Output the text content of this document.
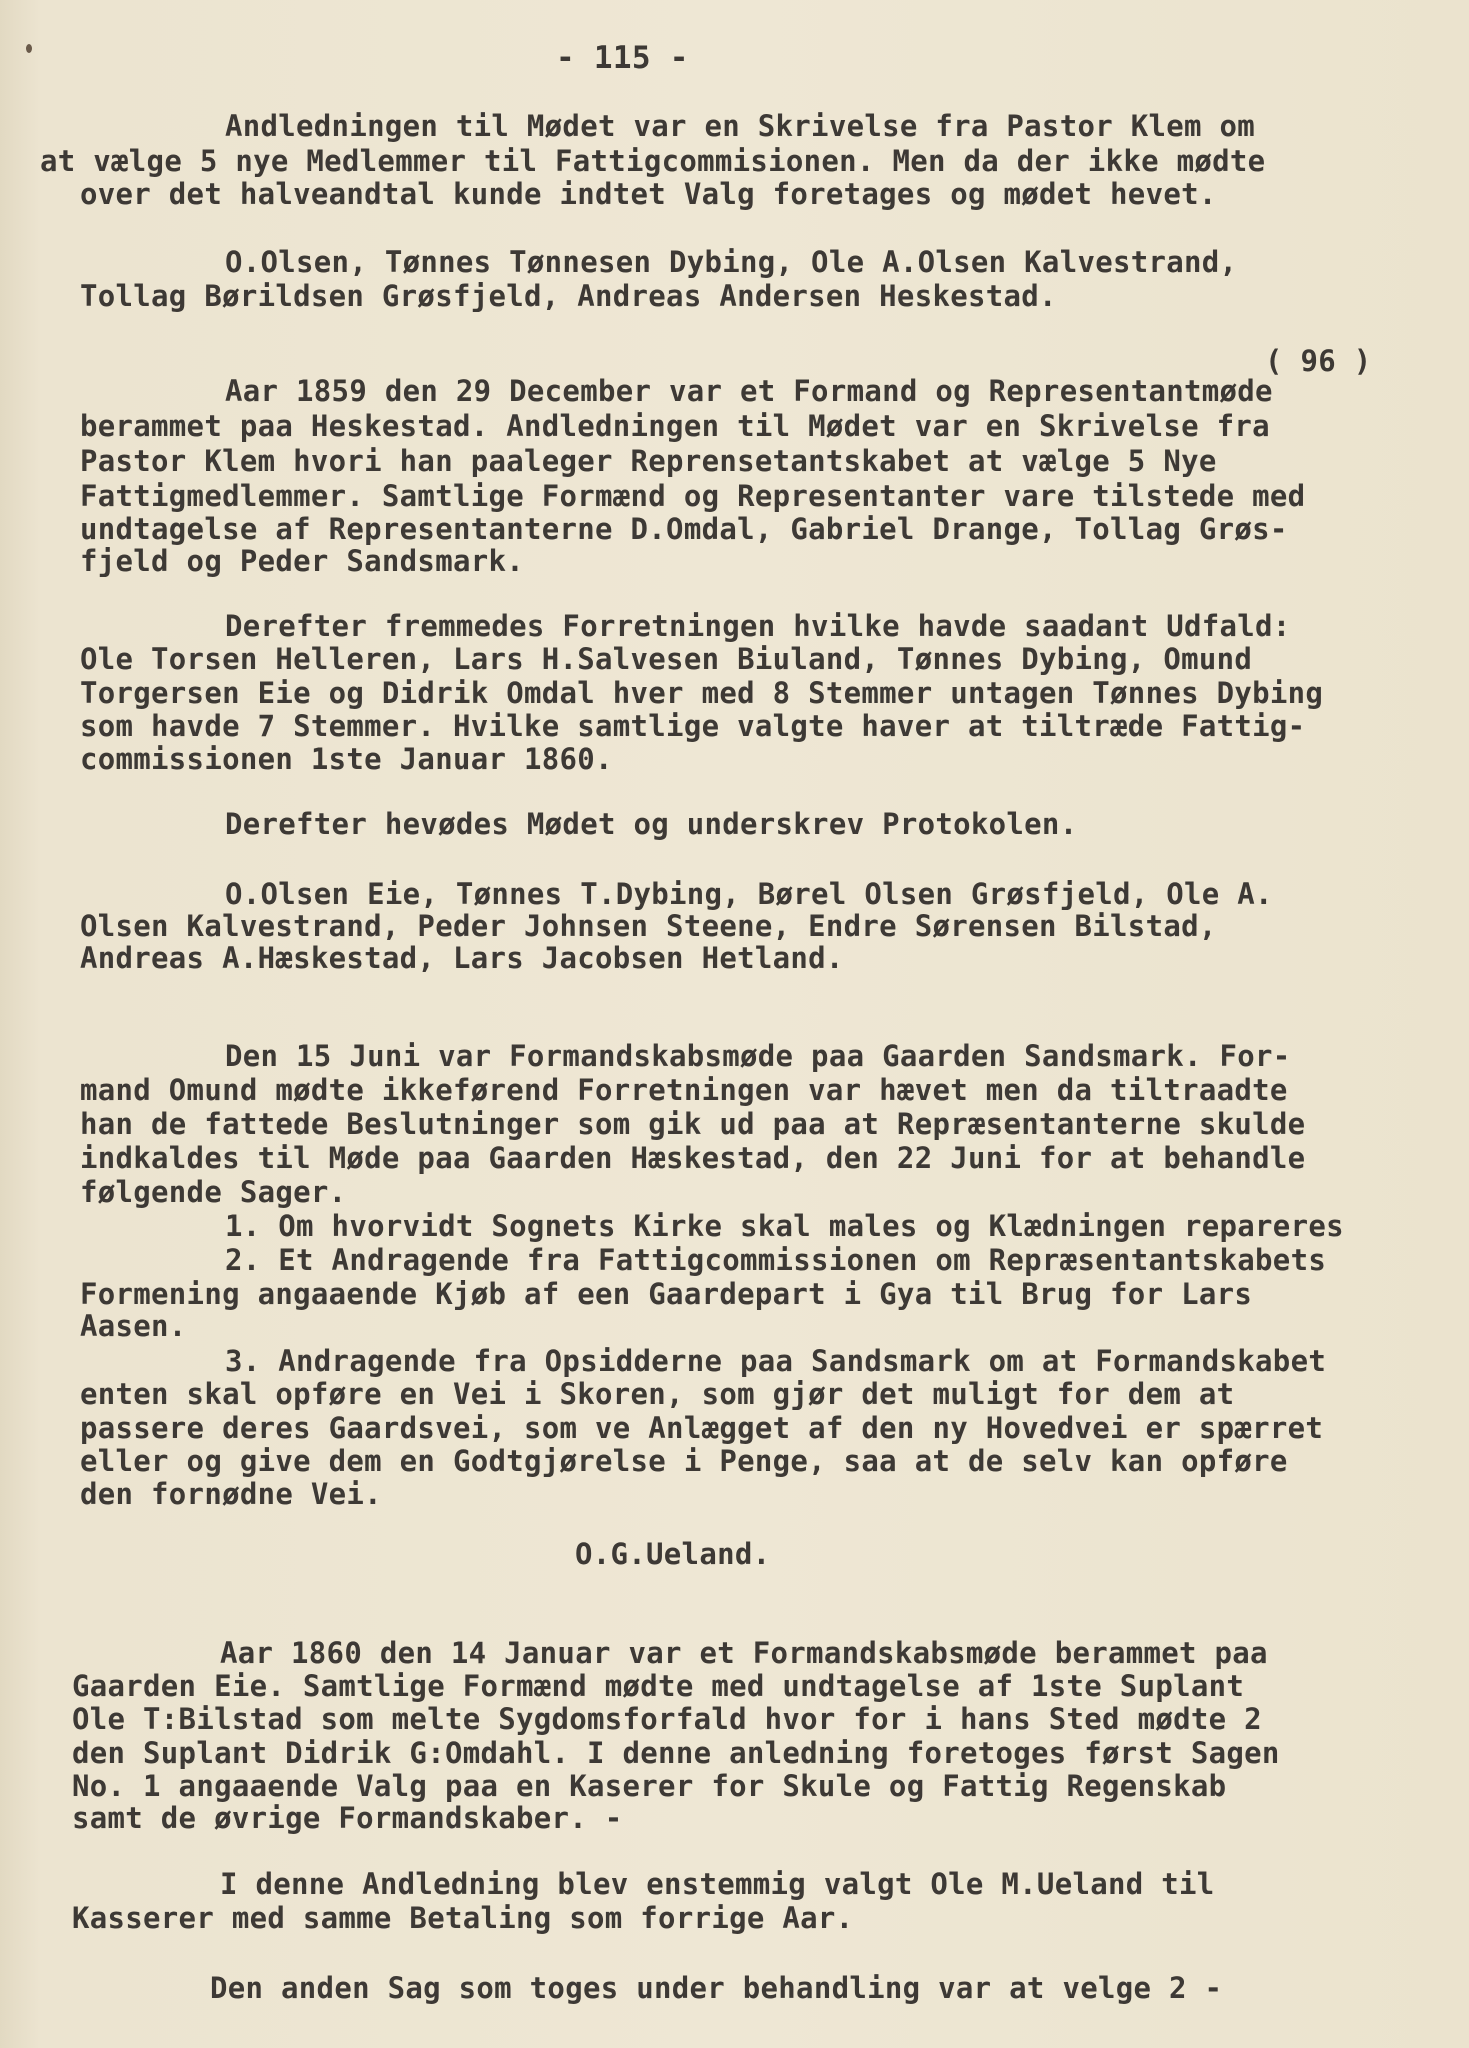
- 115 -
Andledningen til Mødet var en Skrivelse fra Pastor Klem om
at vælge 5 nye Medlemmer til Fattigcommisionen. Men da der ikke mødte
over det halveandtal kunde indtet Valg foretages og mødet hevet.
O.Olsen, Tønnes Tønnesen Dybing, Ole A.Olsen Kalvestrand,
Tollag Børildsen Grøsfjeld, Andreas Andersen Heskestad.
( 96 )
Aar 1859 den 29 December var et Formand og Representantmøde
berammet paa Heskestad. Andledningen til Mødet var en Skrivelse fra
Pastor Klem hvori han paaleger Reprensetantskabet at vælge 5 Nye
Fattigmedlemmer. Samtlige Formænd og Representanter vare tilstede med
undtagelse af Representanterne D.Omdal, Gabriel Drange, Tollag Grøs-
fjeld og Peder Sandsmark.
Derefter fremmedes Forretningen hvilke havde saadant Udfald:
Ole Torsen Helleren, Lars H.Salvesen Biuland, Tønnes Dybing, Omund
Torgersen Eie og Didrik Omdal hver med 8 Stemmer untagen Tønnes Dybing
som havde 7 Stemmer. Hvilke samtlige valgte haver at tiltræde Fattig-
commissionen 1ste Januar 1860.
Derefter hevødes Mødet og underskrev Protokolen.
O.Olsen Eie, Tønnes T.Dybing, Børel Olsen Grøsfjeld, Ole A.
Olsen Kalvestrand, Peder Johnsen Steene, Endre Sørensen Bilstad,
Andreas A.Hæskestad, Lars Jacobsen Hetland.
Den 15 Juni var Formandskabsmøde paa Gaarden Sandsmark. For-
mand Omund mødte ikkeførend Forretningen var hævet men da tiltraadte
han de fattede Beslutninger som gik ud paa at Repræsentanterne skulde
indkaldes til Møde paa Gaarden Hæskestad, den 22 Juni for at behandle
følgende Sager.
1. Om hvorvidt Sognets Kirke skal males og Klædningen repareres
2. Et Andragende fra Fattigcommissionen om Repræsentantskabets
Formening angaaende Kjøb af een Gaardepart i Gya til Brug for Lars
Aasen.
3. Andragende fra Opsidderne paa Sandsmark om at Formandskabet
enten skal opføre en Vei i Skoren, som gjør det muligt for dem at
passere deres Gaardsvei, som ve Anlægget af den ny Hovedvei er spærret
eller og give dem en Godtgjørelse i Penge, saa at de selv kan opføre
den fornødne Vei.
O.G.Ueland.
Aar 1860 den 14 Januar var et Formandskabsmøde berammet paa
Gaarden Eie. Samtlige Formænd mødte med undtagelse af 1ste Suplant
Ole T:Bilstad som melte Sygdomsforfald hvor for i hans Sted mødte 2
den Suplant Didrik G:Omdahl. I denne anledning foretoges først Sagen
No. 1 angaaende Valg paa en Kaserer for Skule og Fattig Regenskab
samt de øvrige Formandskaber. -
I denne Andledning blev enstemmig valgt Ole M.Ueland til
Kasserer med samme Betaling som forrige Aar.
Den anden Sag som toges under behandling var at velge 2 -
